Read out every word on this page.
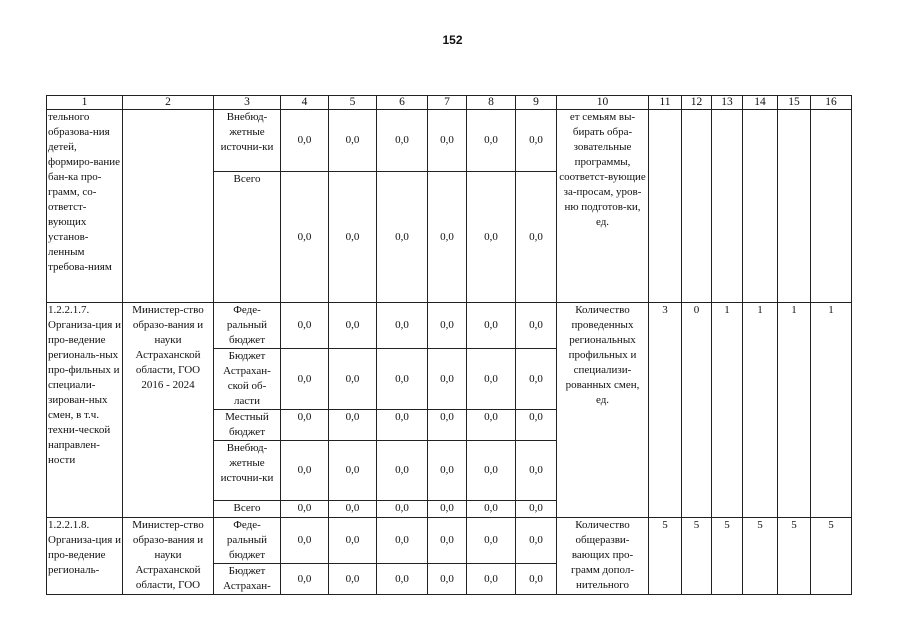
152
1	2	3	4	5	6	7	8	9	10	11	12	13	14	15	16
тельного образова-ния детей, формиро-вание бан-ка про-грамм, со-ответст-вующих установ-ленным требова-ниям		Внебюд-жетные источни-ки	0,0	0,0	0,0	0,0	0,0	0,0	ет семьям вы-бирать обра-зовательные программы, соответст-вующие за-просам, уров-ню подготов-ки, ед.						
		Всего	0,0	0,0	0,0	0,0	0,0	0,0							
1.2.2.1.7. Организа-ция и про-ведение региональ-ных про-фильных и специали-зирован-ных смен, в т.ч. техни-ческой направлен-ности	Министер-ство образо-вания и науки Астраханской области, ГОО 2016 - 2024	Феде-ральный бюджет	0,0	0,0	0,0	0,0	0,0	0,0	Количество проведенных региональных профильных и специализи-рованных смен, ед.	3	0	1	1	1	1
		Бюджет Астрахан-ской об-ласти	0,0	0,0	0,0	0,0	0,0	0,0							
		Местный бюджет	0,0	0,0	0,0	0,0	0,0	0,0							
		Внебюд-жетные источни-ки	0,0	0,0	0,0	0,0	0,0	0,0							
		Всего	0,0	0,0	0,0	0,0	0,0	0,0							
1.2.2.1.8. Организа-ция и про-ведение региональ-	Министер-ство образо-вания и науки Астраханской области, ГОО	Феде-ральный бюджет	0,0	0,0	0,0	0,0	0,0	0,0	Количество общеразви-вающих про-грамм допол-нительного	5	5	5	5	5	5
		Бюджет Астрахан-	0,0	0,0	0,0	0,0	0,0	0,0							
